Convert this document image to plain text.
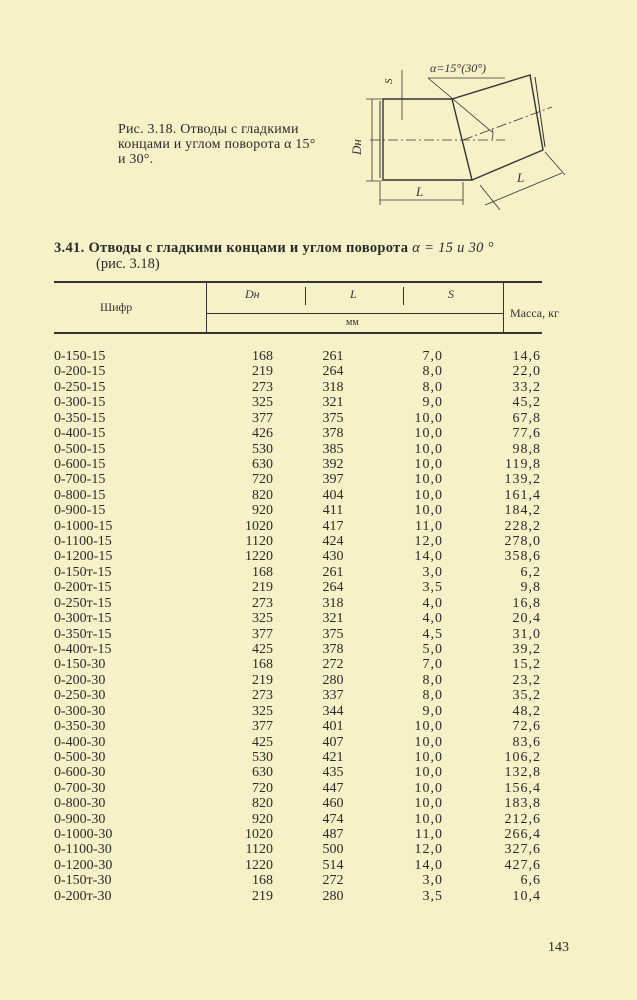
Рис. 3.18. Отводы с гладкими концами и углом поворота α 15° и 30°.
α=15°(30°)
S
Dн
L
L
3.41. Отводы с гладкими концами и углом поворота α = 15 и 30 °
(рис. 3.18)
Шифр
Dн	L	S
мм
Масса, кг
0-150-15	168	261	7,0	14,6
0-200-15	219	264	8,0	22,0
0-250-15	273	318	8,0	33,2
0-300-15	325	321	9,0	45,2
0-350-15	377	375	10,0	67,8
0-400-15	426	378	10,0	77,6
0-500-15	530	385	10,0	98,8
0-600-15	630	392	10,0	119,8
0-700-15	720	397	10,0	139,2
0-800-15	820	404	10,0	161,4
0-900-15	920	411	10,0	184,2
0-1000-15	1020	417	11,0	228,2
0-1100-15	1120	424	12,0	278,0
0-1200-15	1220	430	14,0	358,6
0-150т-15	168	261	3,0	6,2
0-200т-15	219	264	3,5	9,8
0-250т-15	273	318	4,0	16,8
0-300т-15	325	321	4,0	20,4
0-350т-15	377	375	4,5	31,0
0-400т-15	425	378	5,0	39,2
0-150-30	168	272	7,0	15,2
0-200-30	219	280	8,0	23,2
0-250-30	273	337	8,0	35,2
0-300-30	325	344	9,0	48,2
0-350-30	377	401	10,0	72,6
0-400-30	425	407	10,0	83,6
0-500-30	530	421	10,0	106,2
0-600-30	630	435	10,0	132,8
0-700-30	720	447	10,0	156,4
0-800-30	820	460	10,0	183,8
0-900-30	920	474	10,0	212,6
0-1000-30	1020	487	11,0	266,4
0-1100-30	1120	500	12,0	327,6
0-1200-30	1220	514	14,0	427,6
0-150т-30	168	272	3,0	6,6
0-200т-30	219	280	3,5	10,4
143
